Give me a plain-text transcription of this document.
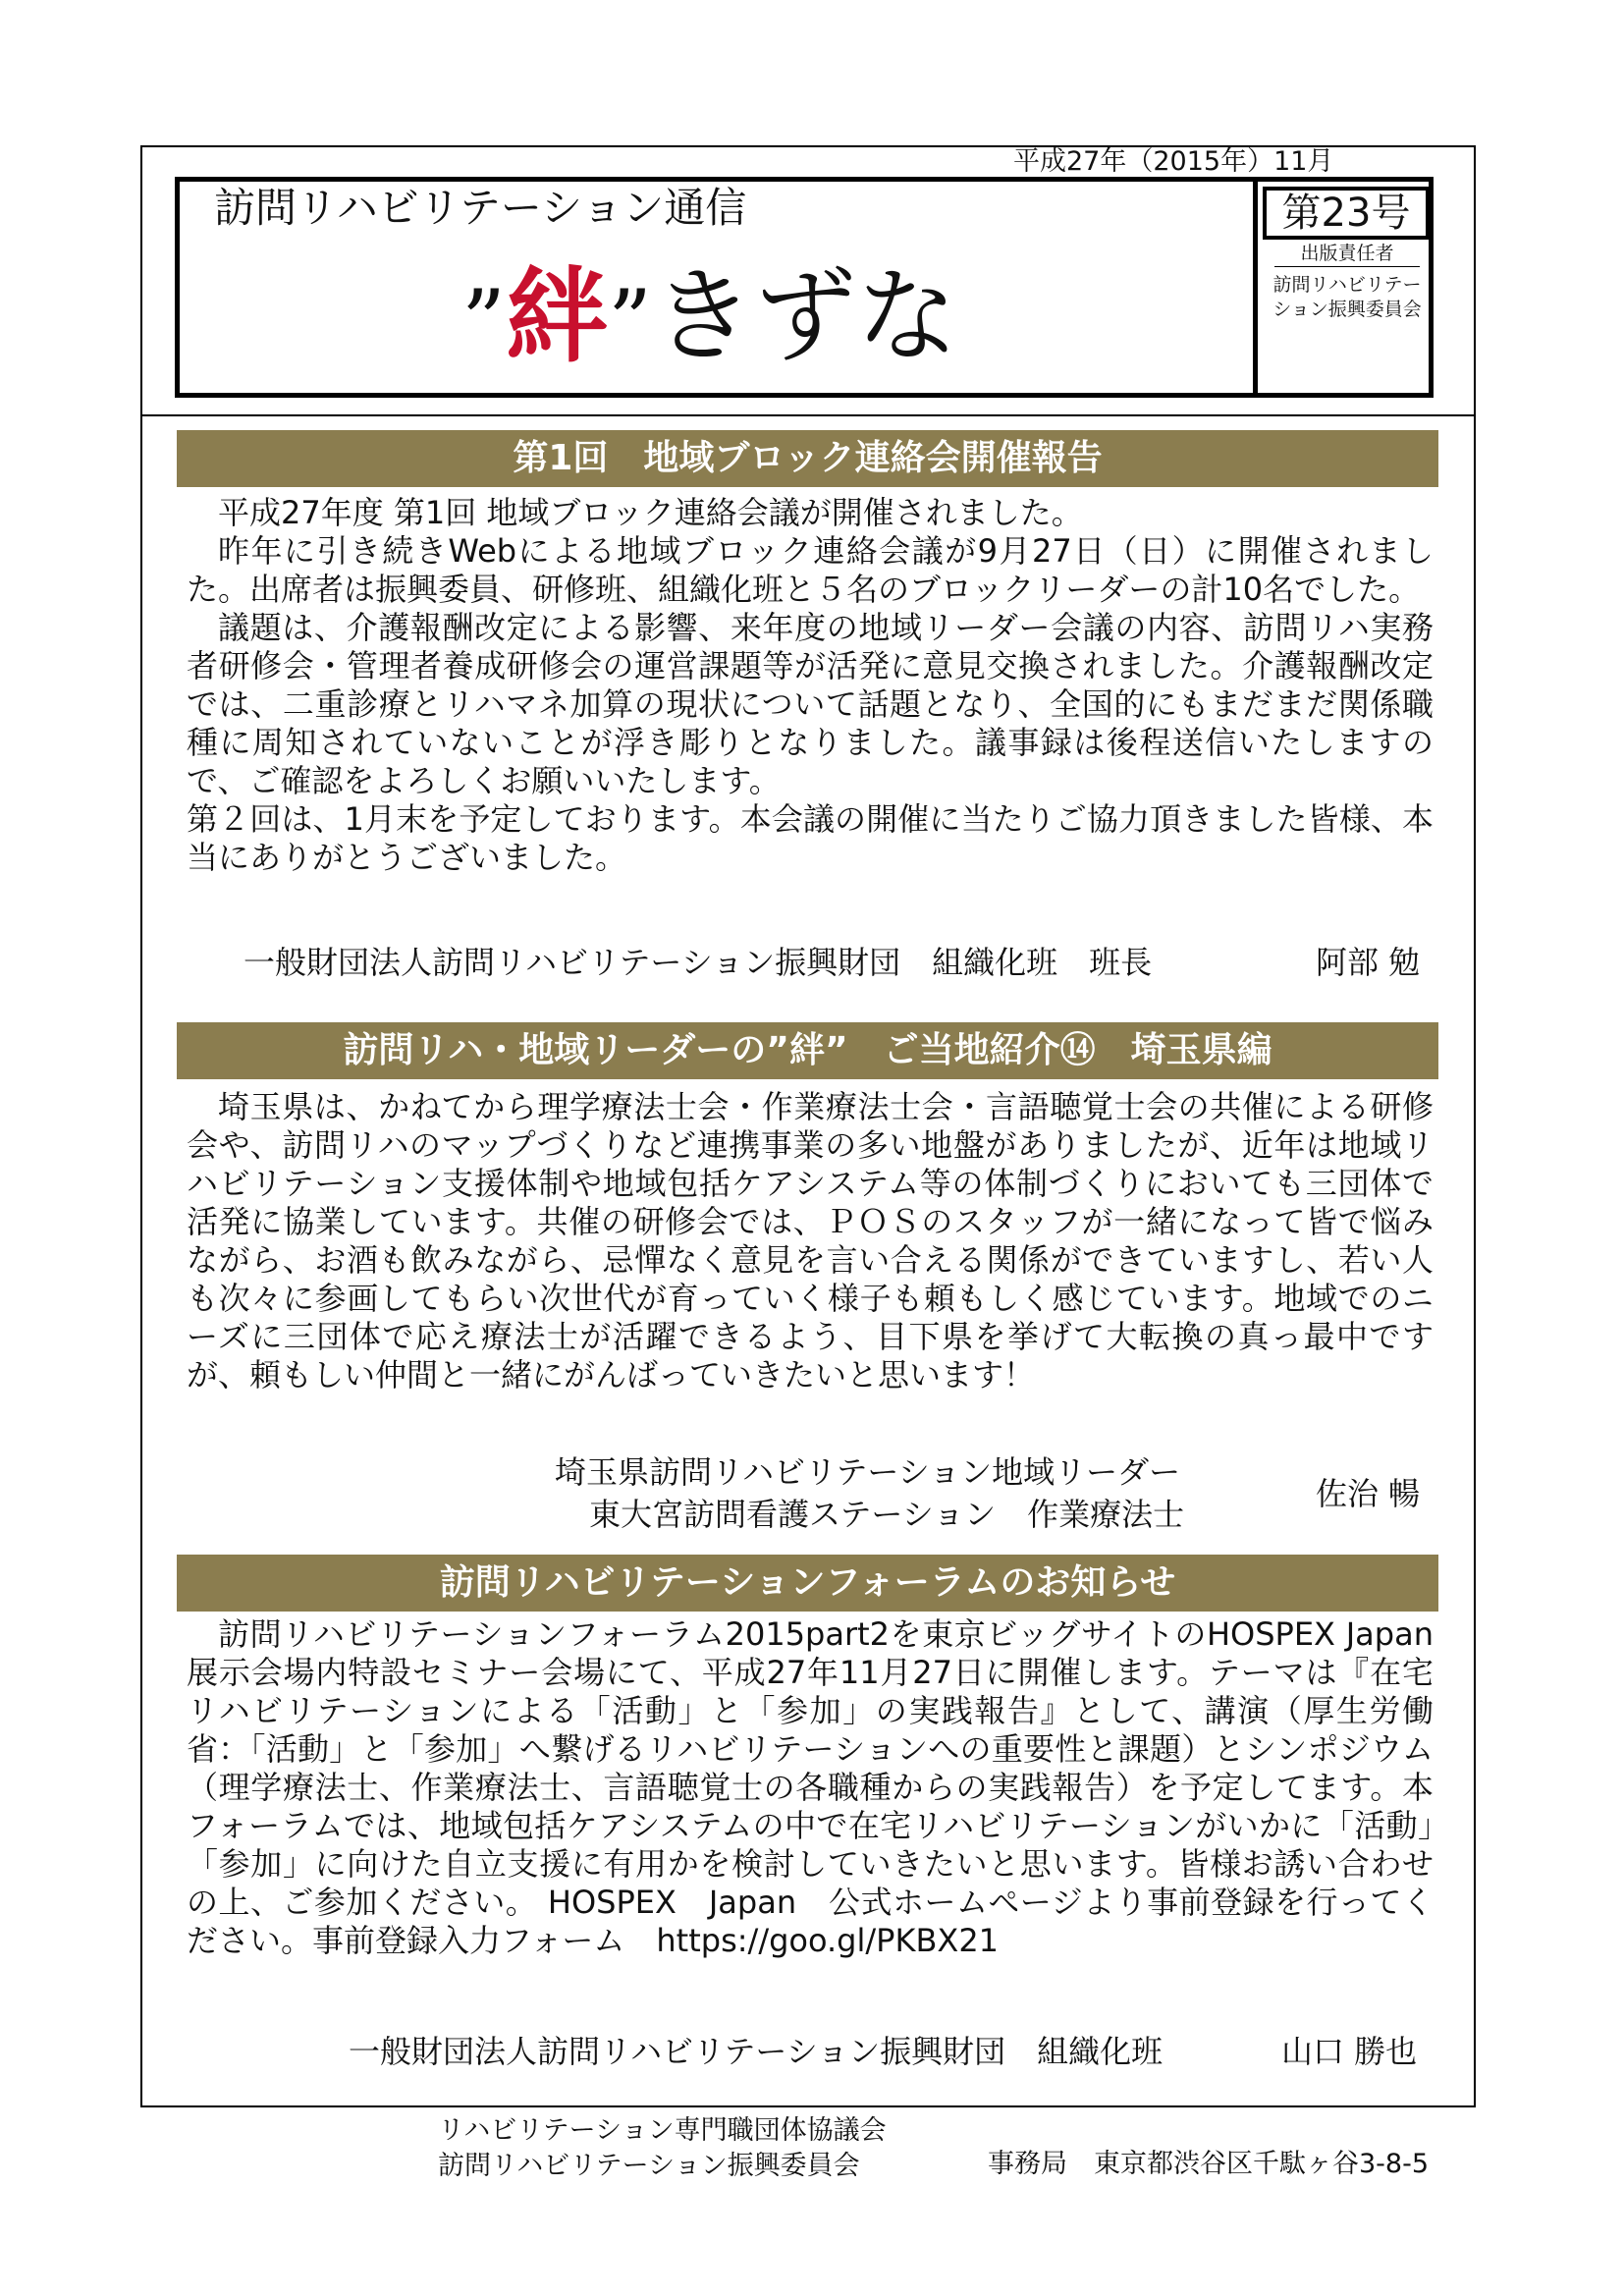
平成27年（2015年）11月
訪問リハビリテーション通信
”絆”きずな
第23号
出版責任者
訪問リハビリテーション振興委員会
第1回　地域ブロック連絡会開催報告

平成27年度 第1回 地域ブロック連絡会議が開催されました。

昨年に引き続きWebによる地域ブロック連絡会議が9月27日（日）に開催されました。出席者は振興委員、研修班、組織化班と５名のブロックリーダーの計10名でした。

議題は、介護報酬改定による影響、来年度の地域リーダー会議の内容、訪問リハ実務者研修会・管理者養成研修会の運営課題等が活発に意見交換されました。介護報酬改定では、二重診療とリハマネ加算の現状について話題となり、全国的にもまだまだ関係職種に周知されていないことが浮き彫りとなりました。議事録は後程送信いたしますので、ご確認をよろしくお願いいたします。

第２回は、1月末を予定しております。本会議の開催に当たりご協力頂きました皆様、本当にありがとうございました。

一般財団法人訪問リハビリテーション振興財団　組織化班　班長	阿部 勉
訪問リハ・地域リーダーの”絆”　ご当地紹介⑭　埼玉県編

埼玉県は、かねてから理学療法士会・作業療法士会・言語聴覚士会の共催による研修会や、訪問リハのマップづくりなど連携事業の多い地盤がありましたが、近年は地域リハビリテーション支援体制や地域包括ケアシステム等の体制づくりにおいても三団体で活発に協業しています。共催の研修会では、ＰＯＳのスタッフが一緒になって皆で悩みながら、お酒も飲みながら、忌憚なく意見を言い合える関係ができていますし、若い人も次々に参画してもらい次世代が育っていく様子も頼もしく感じています。地域でのニーズに三団体で応え療法士が活躍できるよう、目下県を挙げて大転換の真っ最中ですが、頼もしい仲間と一緒にがんばっていきたいと思います！

埼玉県訪問リハビリテーション地域リーダー
東大宮訪問看護ステーション　作業療法士
佐治 暢
訪問リハビリテーションフォーラムのお知らせ

訪問リハビリテーションフォーラム2015part2を東京ビッグサイトのHOSPEX Japan展示会場内特設セミナー会場にて、平成27年11月27日に開催します。テーマは『在宅リハビリテーションによる「活動」と「参加」の実践報告』として、講演（厚生労働省：「活動」と「参加」へ繋げるリハビリテーションへの重要性と課題）とシンポジウム（理学療法士、作業療法士、言語聴覚士の各職種からの実践報告）を予定してます。本フォーラムでは、地域包括ケアシステムの中で在宅リハビリテーションがいかに「活動」「参加」に向けた自立支援に有用かを検討していきたいと思います。皆様お誘い合わせの上、ご参加ください。 HOSPEX　Japan　公式ホームページより事前登録を行ってください。事前登録入力フォーム　https://goo.gl/PKBX21

一般財団法人訪問リハビリテーション振興財団　組織化班	山口 勝也
リハビリテーション専門職団体協議会
訪問リハビリテーション振興委員会	事務局　東京都渋谷区千駄ヶ谷3-8-5
